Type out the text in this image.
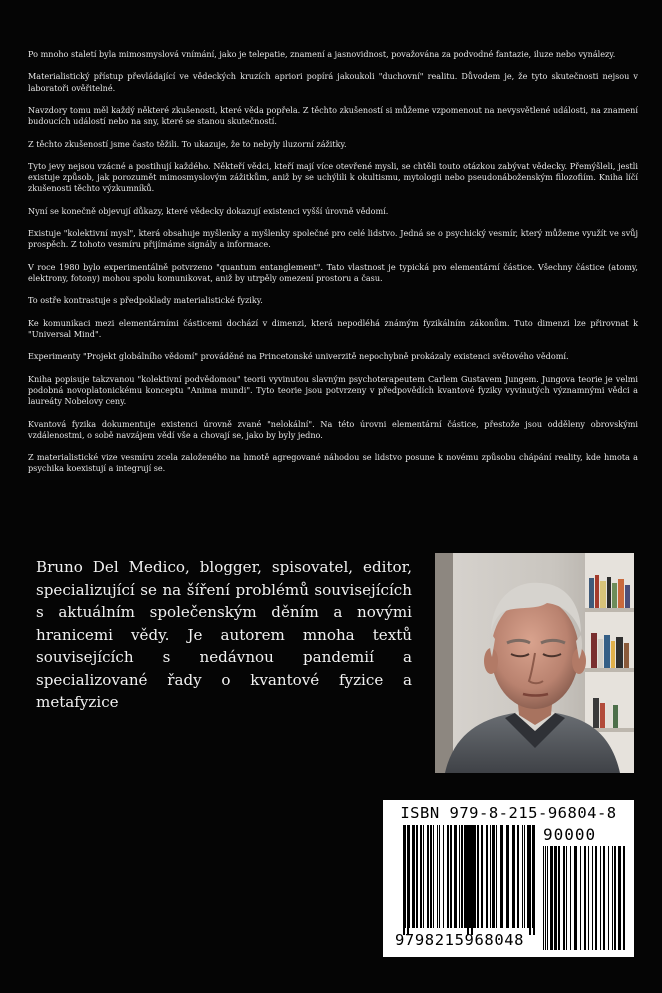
Po mnoho staletí byla mimosmyslová vnímání, jako je telepatie, znamení a jasnovidnost, považována za podvodné fantazie, iluze nebo vynálezy.

Materialistický přístup převládající ve vědeckých kruzích apriori popírá jakoukoli "duchovní" realitu. Důvodem je, že tyto skutečnosti nejsou v laboratoři ověřitelné.

Navzdory tomu měl každý některé zkušenosti, které věda popřela. Z těchto zkušeností si můžeme vzpomenout na nevysvětlené události, na znamení budoucích událostí nebo na sny, které se stanou skutečností.

Z těchto zkušeností jsme často těžili. To ukazuje, že to nebyly iluzorní zážitky.

Tyto jevy nejsou vzácné a postihují každého. Někteří vědci, kteří mají více otevřené mysli, se chtěli touto otázkou zabývat vědecky. Přemýšleli, jestli existuje způsob, jak porozumět mimosmyslovým zážitkům, aniž by se uchýlili k okultismu, mytologii nebo pseudonáboženským filozofiím. Kniha líčí zkušenosti těchto výzkumníků.

Nyní se konečně objevují důkazy, které vědecky dokazují existenci vyšší úrovně vědomí.

Existuje "kolektivní mysl", která obsahuje myšlenky a myšlenky společné pro celé lidstvo. Jedná se o psychický vesmír, který můžeme využít ve svůj prospěch. Z tohoto vesmíru přijímáme signály a informace.

V roce 1980 bylo experimentálně potvrzeno "quantum entanglement". Tato vlastnost je typická pro elementární částice. Všechny částice (atomy, elektrony, fotony) mohou spolu komunikovat, aniž by utrpěly omezení prostoru a času.

To ostře kontrastuje s předpoklady materialistické fyziky.

Ke komunikaci mezi elementárními částicemi dochází v dimenzi, která nepodléhá známým fyzikálním zákonům. Tuto dimenzi lze přirovnat k "Universal Mind".

Experimenty "Projekt globálního vědomí" prováděné na Princetonské univerzitě nepochybně prokázaly existenci světového vědomí.

Kniha popisuje takzvanou "kolektivní podvědomou" teorii vyvinutou slavným psychoterapeutem Carlem Gustavem Jungem. Jungova teorie je velmi podobná novoplatonickému konceptu "Anima mundi". Tyto teorie jsou potvrzeny v předpovědích kvantové fyziky vyvinutých významnými vědci a laureáty Nobelovy ceny.

Kvantová fyzika dokumentuje existenci úrovně zvané "nelokální". Na této úrovni elementární částice, přestože jsou odděleny obrovskými vzdálenostmi, o sobě navzájem vědí vše a chovají se, jako by byly jedno.

Z materialistické vize vesmíru zcela založeného na hmotě agregované náhodou se lidstvo posune k novému způsobu chápání reality, kde hmota a psychika koexistují a integrují se.

Bruno Del Medico, blogger, spisovatel, editor, specializující se na šíření problémů souvisejících s aktuálním společenským děním a novými hranicemi vědy. Je autorem mnoha textů souvisejících s nedávnou pandemií a specializované řady o kvantové fyzice a metafyzice

ISBN 979-8-215-96804-8
90000
9798215968048
